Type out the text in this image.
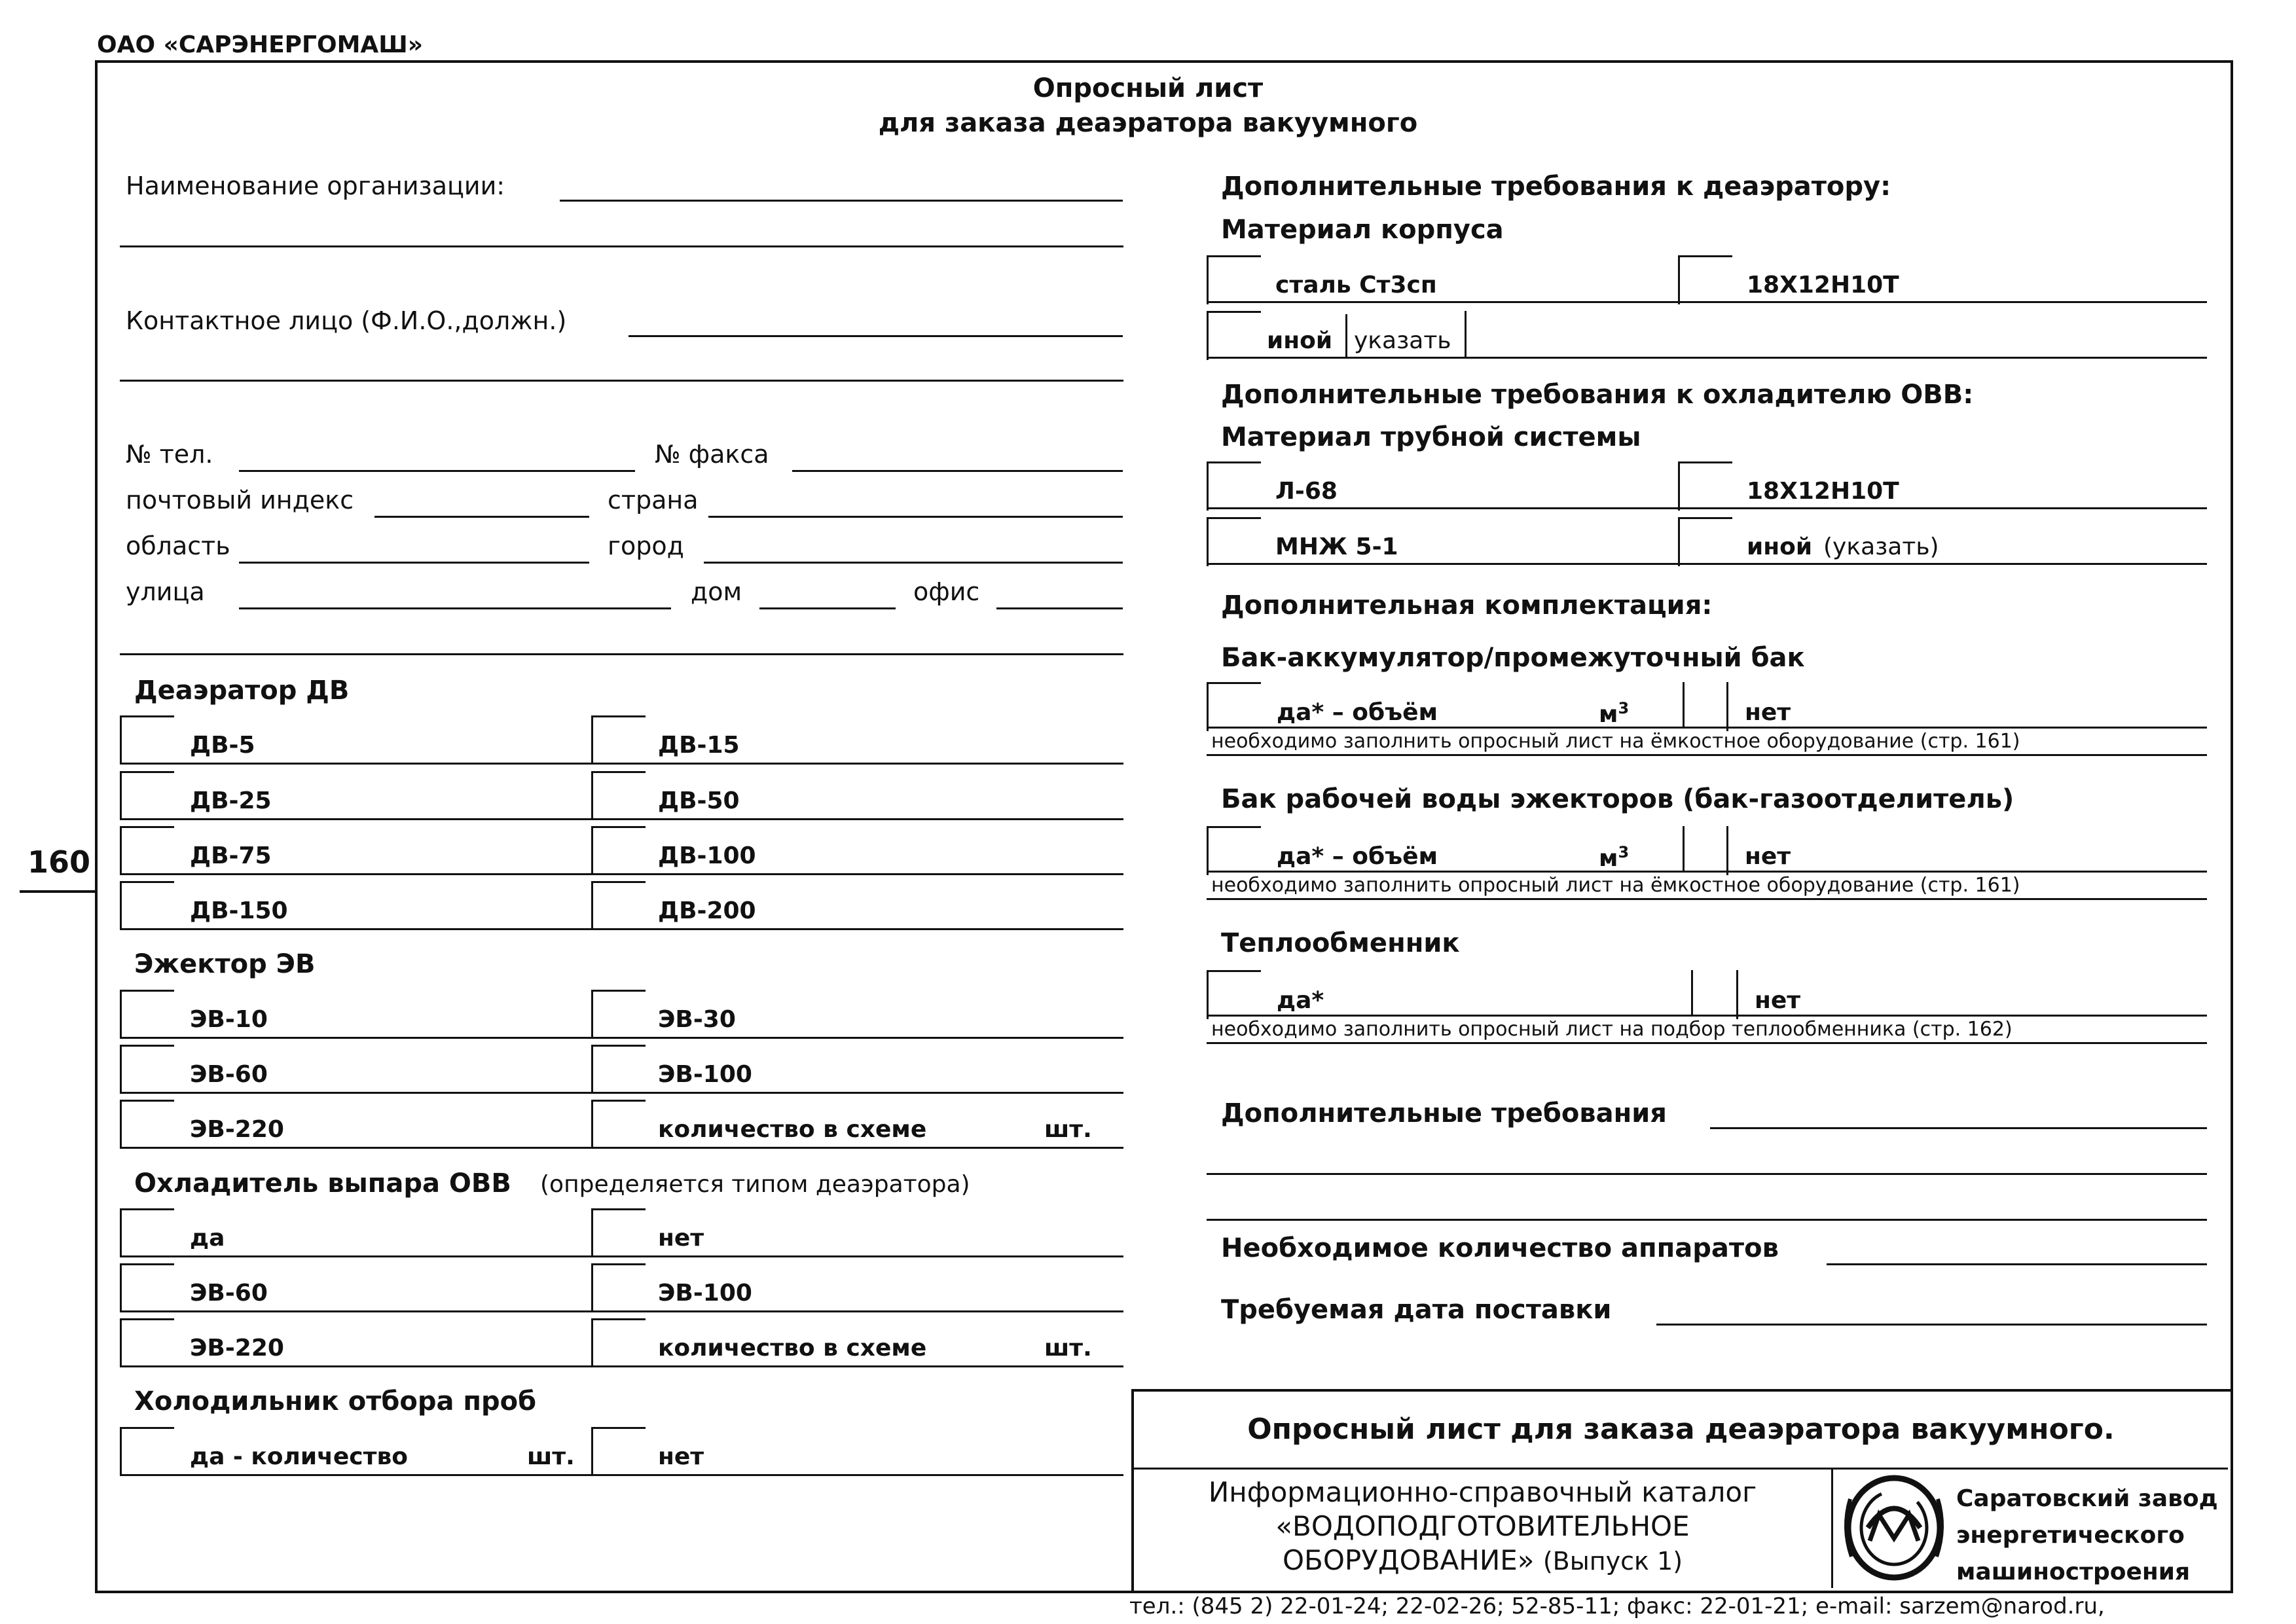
ОАО «САРЭНЕРГОМАШ»
160
Опросный лист
для заказа деаэратора вакуумного
Наименование организации:
Контактное лицо (Ф.И.О.,должн.)
№ тел.	№ факса
почтовый индекс	страна
область	город
улица	дом	офис
Деаэратор ДВ
ДВ-5	ДВ-15
ДВ-25	ДВ-50
ДВ-75	ДВ-100
ДВ-150	ДВ-200
Эжектор ЭВ
ЭВ-10	ЭВ-30
ЭВ-60	ЭВ-100
ЭВ-220	количество в схеме	шт.
Охладитель выпара ОВВ (определяется типом деаэратора)
да	нет
ЭВ-60	ЭВ-100
ЭВ-220	количество в схеме	шт.
Холодильник отбора проб
да - количество	шт.	нет
Дополнительные требования к деаэратору:
Материал корпуса
сталь Ст3сп	18Х12Н10Т
иной указать
Дополнительные требования к охладителю ОВВ:
Материал трубной системы
Л-68	18Х12Н10Т
МНЖ 5-1	иной (указать)
Дополнительная комплектация:
Бак-аккумулятор/промежуточный бак
да* – объём	$м^3$	нет
необходимо заполнить опросный лист на ёмкостное оборудование (стр. 161)
Бак рабочей воды эжекторов (бак-газоотделитель)
да* – объём	$м^3$	нет
необходимо заполнить опросный лист на ёмкостное оборудование (стр. 161)
Теплообменник
да*	нет
необходимо заполнить опросный лист на подбор теплообменника (стр. 162)
Дополнительные требования
Необходимое количество аппаратов
Требуемая дата поставки
Опросный лист для заказа деаэратора вакуумного.
Информационно-справочный каталог
«ВОДОПОДГОТОВИТЕЛЬНОЕ
ОБОРУДОВАНИЕ» (Выпуск 1)
Саратовский завод
энергетического
машиностроения
тел.: (845 2) 22-01-24; 22-02-26; 52-85-11; факс: 22-01-21; e-mail: sarzem@narod.ru,
